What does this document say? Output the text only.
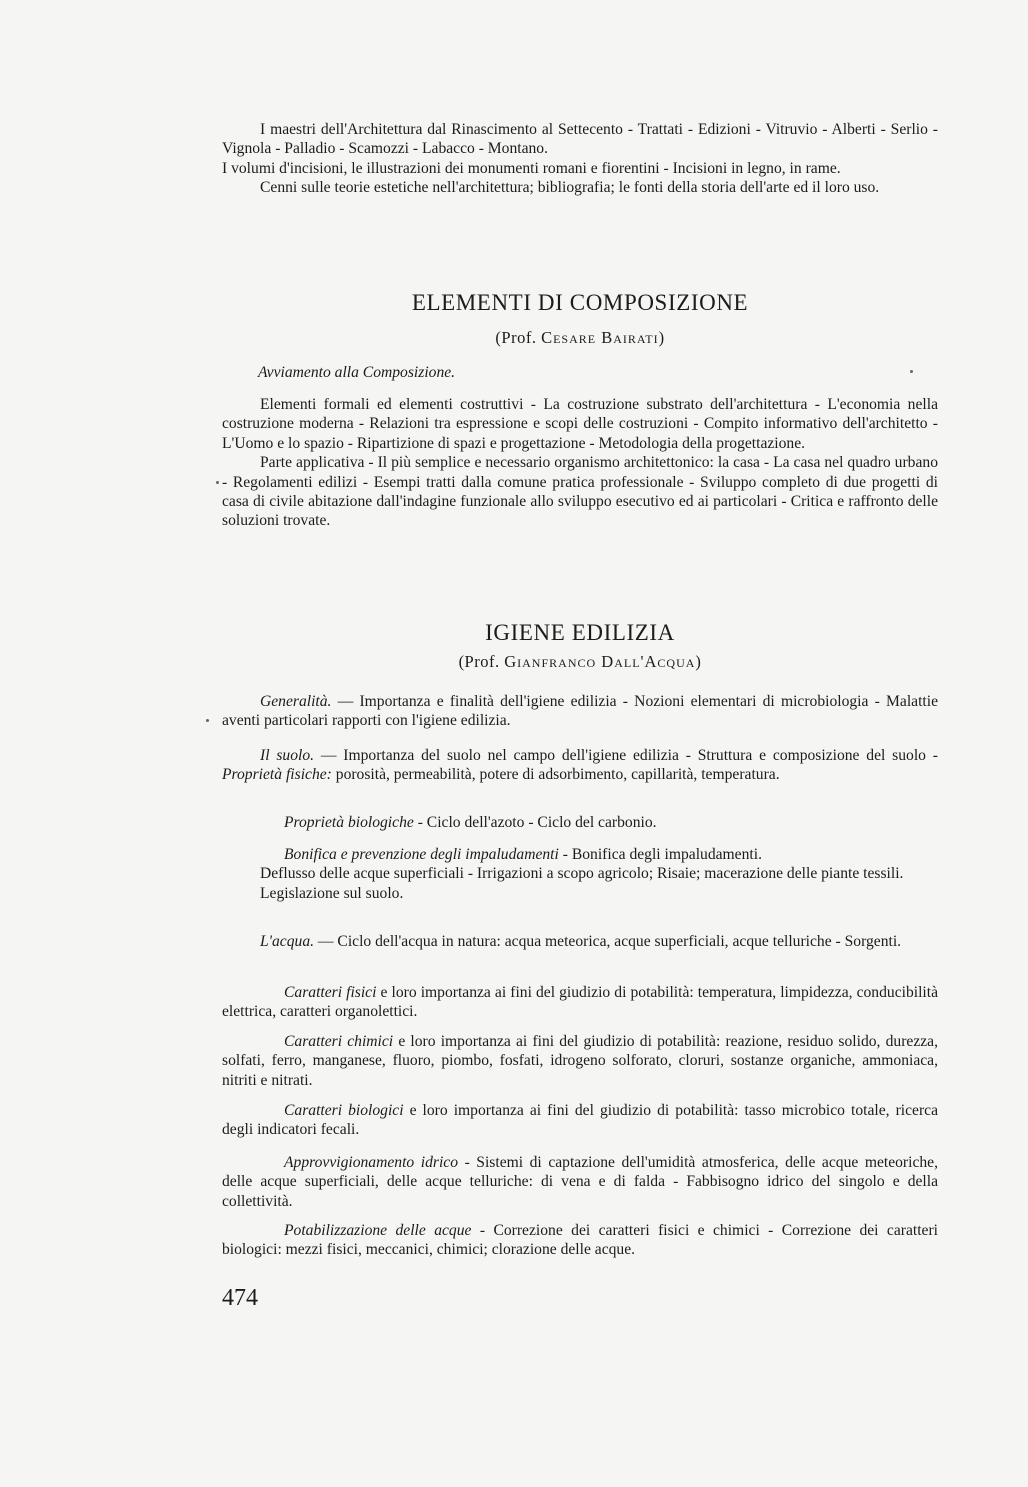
I maestri dell'Architettura dal Rinascimento al Settecento - Trattati - Edizioni - Vitruvio - Alberti - Serlio - Vignola - Palladio - Scamozzi - Labacco - Montano.

I volumi d'incisioni, le illustrazioni dei monumenti romani e fiorentini - Incisioni in legno, in rame.

Cenni sulle teorie estetiche nell'architettura; bibliografia; le fonti della storia dell'arte ed il loro uso.

ELEMENTI DI COMPOSIZIONE
(Prof. Cesare Bairati)
Avviamento alla Composizione.

Elementi formali ed elementi costruttivi - La costruzione substrato dell'architettura - L'economia nella costruzione moderna - Relazioni tra espressione e scopi delle costruzioni - Compito informativo dell'architetto - L'Uomo e lo spazio - Ripartizione di spazi e progettazione - Metodologia della progettazione.

Parte applicativa - Il più semplice e necessario organismo architettonico: la casa - La casa nel quadro urbano - Regolamenti edilizi - Esempi tratti dalla comune pratica professionale - Sviluppo completo di due progetti di casa di civile abitazione dall'indagine funzionale allo sviluppo esecutivo ed ai particolari - Critica e raffronto delle soluzioni trovate.

IGIENE EDILIZIA
(Prof. Gianfranco Dall'Acqua)

Generalità. — Importanza e finalità dell'igiene edilizia - Nozioni elementari di microbiologia - Malattie aventi particolari rapporti con l'igiene edilizia.

Il suolo. — Importanza del suolo nel campo dell'igiene edilizia - Struttura e composizione del suolo - Proprietà fisiche: porosità, permeabilità, potere di adsorbimento, capillarità, temperatura.

Proprietà biologiche - Ciclo dell'azoto - Ciclo del carbonio.

Bonifica e prevenzione degli impaludamenti - Bonifica degli impaludamenti.

Deflusso delle acque superficiali - Irrigazioni a scopo agricolo; Risaie; macerazione delle piante tessili.

Legislazione sul suolo.

L'acqua. — Ciclo dell'acqua in natura: acqua meteorica, acque superficiali, acque telluriche - Sorgenti.

Caratteri fisici e loro importanza ai fini del giudizio di potabilità: temperatura, limpidezza, conducibilità elettrica, caratteri organolettici.

Caratteri chimici e loro importanza ai fini del giudizio di potabilità: reazione, residuo solido, durezza, solfati, ferro, manganese, fluoro, piombo, fosfati, idrogeno solforato, cloruri, sostanze organiche, ammoniaca, nitriti e nitrati.

Caratteri biologici e loro importanza ai fini del giudizio di potabilità: tasso microbico totale, ricerca degli indicatori fecali.

Approvvigionamento idrico - Sistemi di captazione dell'umidità atmosferica, delle acque meteoriche, delle acque superficiali, delle acque telluriche: di vena e di falda - Fabbisogno idrico del singolo e della collettività.

Potabilizzazione delle acque - Correzione dei caratteri fisici e chimici - Correzione dei caratteri biologici: mezzi fisici, meccanici, chimici; clorazione delle acque.

474
